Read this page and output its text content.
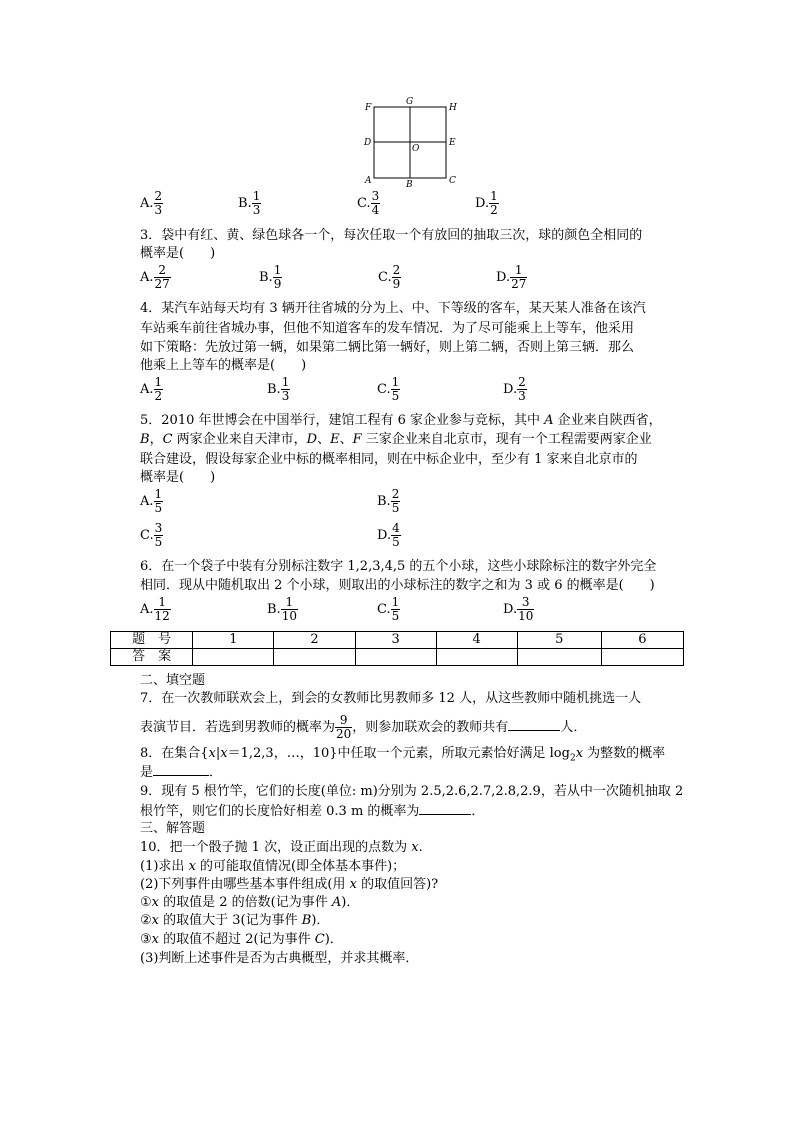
F
G
H
D
O
E
A	B	C
A. $\frac{2}{3}$	B. $\frac{1}{3}$	C. $\frac{3}{4}$	D. $\frac{1}{2}$
3．袋中有红、黄、绿色球各一个，每次任取一个有放回的抽取三次，球的颜色全相同的
概率是(　　)
A. $\frac{2}{27}$	B. $\frac{1}{9}$	C. $\frac{2}{9}$	D. $\frac{1}{27}$
4．某汽车站每天均有 3 辆开往省城的分为上、中、下等级的客车，某天某人准备在该汽
车站乘车前往省城办事，但他不知道客车的发车情况．为了尽可能乘上上等车，他采用
如下策略：先放过第一辆，如果第二辆比第一辆好，则上第二辆，否则上第三辆．那么
他乘上上等车的概率是(　　)
A. $\frac{1}{2}$	B. $\frac{1}{3}$	C. $\frac{1}{5}$	D. $\frac{2}{3}$
5．2010 年世博会在中国举行，建馆工程有 6 家企业参与竞标，其中 A 企业来自陕西省，
B，C 两家企业来自天津市，D、E、F 三家企业来自北京市，现有一个工程需要两家企业
联合建设，假设每家企业中标的概率相同，则在中标企业中，至少有 1 家来自北京市的
概率是(　　)
A. $\frac{1}{5}$	B. $\frac{2}{5}$
C. $\frac{3}{5}$	D. $\frac{4}{5}$
6．在一个袋子中装有分别标注数字 1,2,3,4,5 的五个小球，这些小球除标注的数字外完全
相同．现从中随机取出 2 个小球，则取出的小球标注的数字之和为 3 或 6 的概率是(　　)
A. $\frac{1}{12}$	B. $\frac{1}{10}$	C. $\frac{1}{5}$	D. $\frac{3}{10}$
题　号	1	2	3	4	5	6
答　案						
二、填空题
7．在一次教师联欢会上，到会的女教师比男教师多 12 人，从这些教师中随机挑选一人
表演节目．若选到男教师的概率为 $\frac{9}{20}$ ，则参加联欢会的教师共有	人．
8．在集合{x|x＝1,2,3，…，10}中任取一个元素，所取元素恰好满足 $\log_2x$ 为整数的概率
是	．
9．现有 5 根竹竿，它们的长度(单位: m)分别为 2.5,2.6,2.7,2.8,2.9，若从中一次随机抽取 2
根竹竿，则它们的长度恰好相差 0.3 m 的概率为	．
三、解答题
10．把一个骰子抛 1 次，设正面出现的点数为 x.
(1)求出 x 的可能取值情况(即全体基本事件)；
(2)下列事件由哪些基本事件组成(用 x 的取值回答)?
①x 的取值是 2 的倍数(记为事件 A)．
②x 的取值大于 3(记为事件 B)．
③x 的取值不超过 2(记为事件 C)．
(3)判断上述事件是否为古典概型，并求其概率．
